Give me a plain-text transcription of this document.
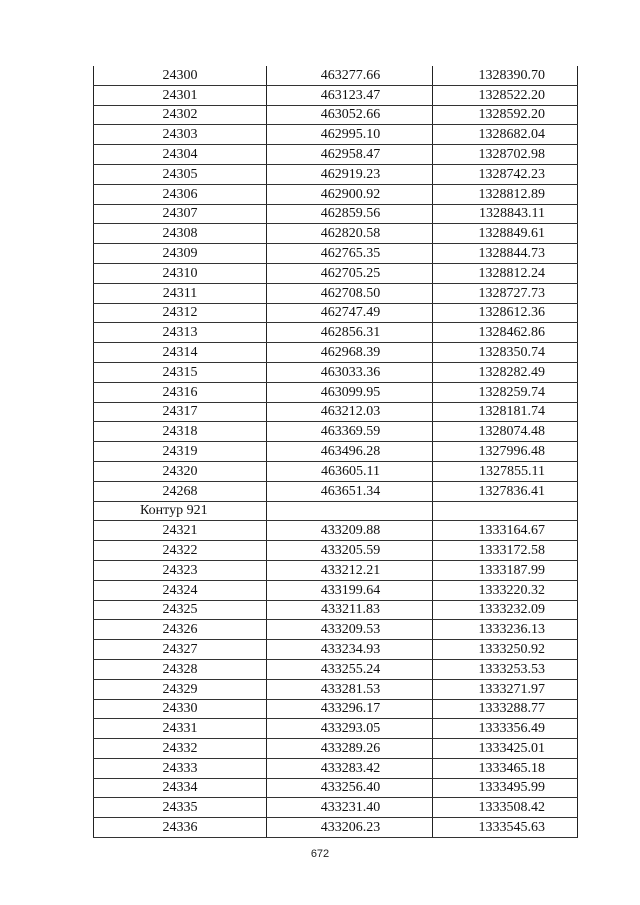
24300	463277.66	1328390.70
24301	463123.47	1328522.20
24302	463052.66	1328592.20
24303	462995.10	1328682.04
24304	462958.47	1328702.98
24305	462919.23	1328742.23
24306	462900.92	1328812.89
24307	462859.56	1328843.11
24308	462820.58	1328849.61
24309	462765.35	1328844.73
24310	462705.25	1328812.24
24311	462708.50	1328727.73
24312	462747.49	1328612.36
24313	462856.31	1328462.86
24314	462968.39	1328350.74
24315	463033.36	1328282.49
24316	463099.95	1328259.74
24317	463212.03	1328181.74
24318	463369.59	1328074.48
24319	463496.28	1327996.48
24320	463605.11	1327855.11
24268	463651.34	1327836.41
Контур 921		
24321	433209.88	1333164.67
24322	433205.59	1333172.58
24323	433212.21	1333187.99
24324	433199.64	1333220.32
24325	433211.83	1333232.09
24326	433209.53	1333236.13
24327	433234.93	1333250.92
24328	433255.24	1333253.53
24329	433281.53	1333271.97
24330	433296.17	1333288.77
24331	433293.05	1333356.49
24332	433289.26	1333425.01
24333	433283.42	1333465.18
24334	433256.40	1333495.99
24335	433231.40	1333508.42
24336	433206.23	1333545.63
672
